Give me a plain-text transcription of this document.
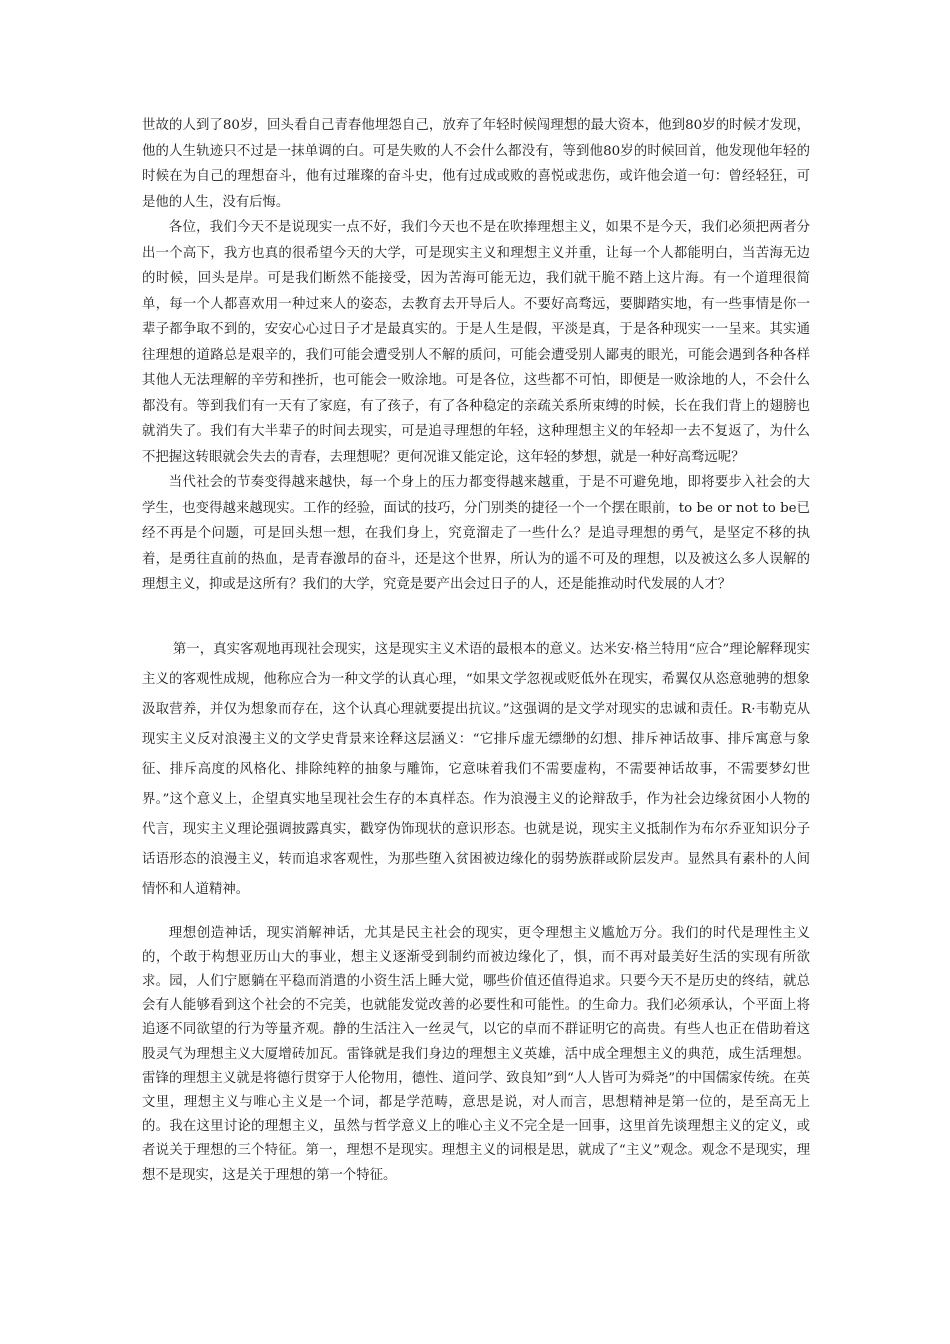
世故的人到了80岁，回头看自己青春他埋怨自己，放弃了年轻时候闯理想的最大资本，他到80岁的时候才发现，他的人生轨迹只不过是一抹单调的白。可是失败的人不会什么都没有，等到他80岁的时候回首，他发现他年轻的时候在为自己的理想奋斗，他有过璀璨的奋斗史，他有过成或败的喜悦或悲伤，或许他会道一句：曾经轻狂，可是他的人生，没有后悔。

各位，我们今天不是说现实一点不好，我们今天也不是在吹捧理想主义，如果不是今天，我们必须把两者分出一个高下，我方也真的很希望今天的大学，可是现实主义和理想主义并重，让每一个人都能明白，当苦海无边的时候，回头是岸。可是我们断然不能接受，因为苦海可能无边，我们就干脆不踏上这片海。有一个道理很简单，每一个人都喜欢用一种过来人的姿态，去教育去开导后人。不要好高骛远，要脚踏实地，有一些事情是你一辈子都争取不到的，安安心心过日子才是最真实的。于是人生是假，平淡是真，于是各种现实一一呈来。其实通往理想的道路总是艰辛的，我们可能会遭受别人不解的质问，可能会遭受别人鄙夷的眼光，可能会遇到各种各样其他人无法理解的辛劳和挫折，也可能会一败涂地。可是各位，这些都不可怕，即便是一败涂地的人，不会什么都没有。等到我们有一天有了家庭，有了孩子，有了各种稳定的亲疏关系所束缚的时候，长在我们背上的翅膀也就消失了。我们有大半辈子的时间去现实，可是追寻理想的年轻，这种理想主义的年轻却一去不复返了，为什么不把握这转眼就会失去的青春，去理想呢？更何况谁又能定论，这年轻的梦想，就是一种好高骛远呢？

当代社会的节奏变得越来越快，每一个身上的压力都变得越来越重，于是不可避免地，即将要步入社会的大学生，也变得越来越现实。工作的经验，面试的技巧，分门别类的捷径一个一个摆在眼前，to be or not to be已经不再是个问题，可是回头想一想，在我们身上，究竟溜走了一些什么？是追寻理想的勇气，是坚定不移的执着，是勇往直前的热血，是青春激昂的奋斗，还是这个世界，所认为的遥不可及的理想，以及被这么多人误解的理想主义，抑或是这所有？我们的大学，究竟是要产出会过日子的人，还是能推动时代发展的人才？

第一，真实客观地再现社会现实，这是现实主义术语的最根本的意义。达米安·格兰特用“应合”理论解释现实主义的客观性成规，他称应合为一种文学的认真心理，“如果文学忽视或贬低外在现实，希翼仅从恣意驰骋的想象汲取营养，并仅为想象而存在，这个认真心理就要提出抗议。”这强调的是文学对现实的忠诚和责任。R·韦勒克从现实主义反对浪漫主义的文学史背景来诠释这层涵义：“它排斥虚无缥缈的幻想、排斥神话故事、排斥寓意与象征、排斥高度的风格化、排除纯粹的抽象与雕饰，它意味着我们不需要虚构，不需要神话故事，不需要梦幻世界。”这个意义上，企望真实地呈现社会生存的本真样态。作为浪漫主义的论辩敌手，作为社会边缘贫困小人物的代言，现实主义理论强调披露真实，戳穿伪饰现状的意识形态。也就是说，现实主义抵制作为布尔乔亚知识分子话语形态的浪漫主义，转而追求客观性，为那些堕入贫困被边缘化的弱势族群或阶层发声。显然具有素朴的人间情怀和人道精神。

理想创造神话，现实消解神话，尤其是民主社会的现实，更令理想主义尴尬万分。我们的时代是理性主义的，个敢于构想亚历山大的事业，想主义逐渐受到制约而被边缘化了，惧，而不再对最美好生活的实现有所欲求。园，人们宁愿躺在平稳而消遣的小资生活上睡大觉，哪些价值还值得追求。只要今天不是历史的终结，就总会有人能够看到这个社会的不完美，也就能发觉改善的必要性和可能性。的生命力。我们必须承认，个平面上将追逐不同欲望的行为等量齐观。静的生活注入一丝灵气，以它的卓而不群证明它的高贵。有些人也正在借助着这股灵气为理想主义大厦增砖加瓦。雷锋就是我们身边的理想主义英雄，活中成全理想主义的典范，成生活理想。雷锋的理想主义就是将德行贯穿于人伦物用，德性、道问学、致良知”到“人人皆可为舜尧”的中国儒家传统。在英文里，理想主义与唯心主义是一个词，都是学范畴，意思是说，对人而言，思想精神是第一位的，是至高无上的。我在这里讨论的理想主义，虽然与哲学意义上的唯心主义不完全是一回事，这里首先谈理想主义的定义，或者说关于理想的三个特征。第一，理想不是现实。理想主义的词根是思，就成了“主义”观念。观念不是现实，理想不是现实，这是关于理想的第一个特征。
